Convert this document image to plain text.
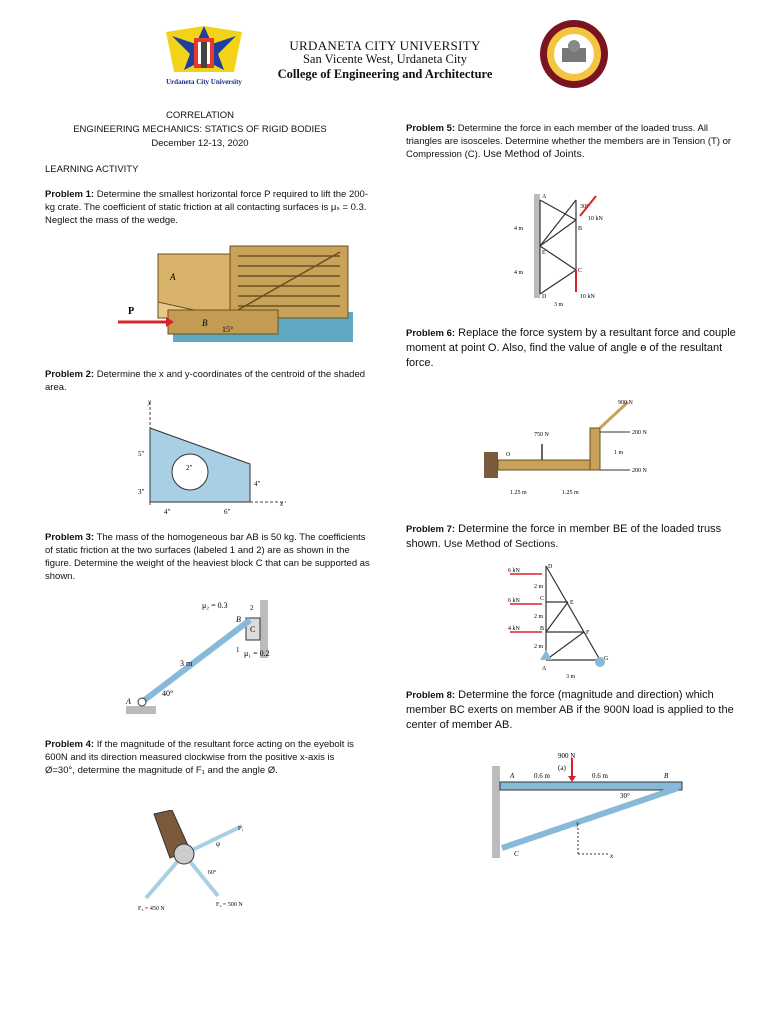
Urdaneta City University
URDANETA CITY UNIVERSITY
San Vicente West, Urdaneta City
College of Engineering and Architecture
CORRELATION
ENGINEERING MECHANICS: STATICS OF RIGID BODIES
December 12-13, 2020
LEARNING ACTIVITY
Problem 1: Determine the smallest horizontal force P required to lift the 200-kg crate. The coefficient of static friction at all contacting surfaces is μₛ = 0.3. Neglect the mass of the wedge.
P
A
B
15°
Problem 2: Determine the x and y-coordinates of the centroid of the shaded area.
y
x
5"
2"
3"
4"
4"	6"
Problem 3: The mass of the homogeneous bar AB is 50 kg. The coefficients of static friction at the two surfaces (labeled 1 and 2) are as shown in the figure. Determine the weight of the heaviest block C that can be supported as shown.
μ₂ = 0.3	2
C
B
1 μ₁ = 0.2
3 m
40°
A
Problem 4: If the magnitude of the resultant force acting on the eyebolt is 600N and its direction measured clockwise from the positive x-axis is Ø=30°, determine the magnitude of F₁ and the angle Ø.
F₁
F₂ = 500 N
F₃ = 450 N
60°
φ
Problem 5: Determine the force in each member of the loaded truss. All triangles are isosceles. Determine whether the members are in Tension (T) or Compression (C). Use Method of Joints.
30°
10 kN
10 kN
4 m
4 m
3 m
A
B
C
D
E
Problem 6: Replace the force system by a resultant force and couple moment at point O. Also, find the value of angle ɵ of the resultant force.
900 N
750 N	200 N
200 N
1 m
1.25 m	1.25 m
O
Problem 7: Determine the force in member BE of the loaded truss shown. Use Method of Sections.
6 kN
6 kN
4 kN
2 m
2 m
2 m
3 m
A
B
C
D
E
F
G
Problem 8: Determine the force (magnitude and direction) which member BC exerts on member AB if the 900N load is applied to the center of member AB.
900 N
(a)
0.6 m	0.6 m
30°
A	B
C
y
x
